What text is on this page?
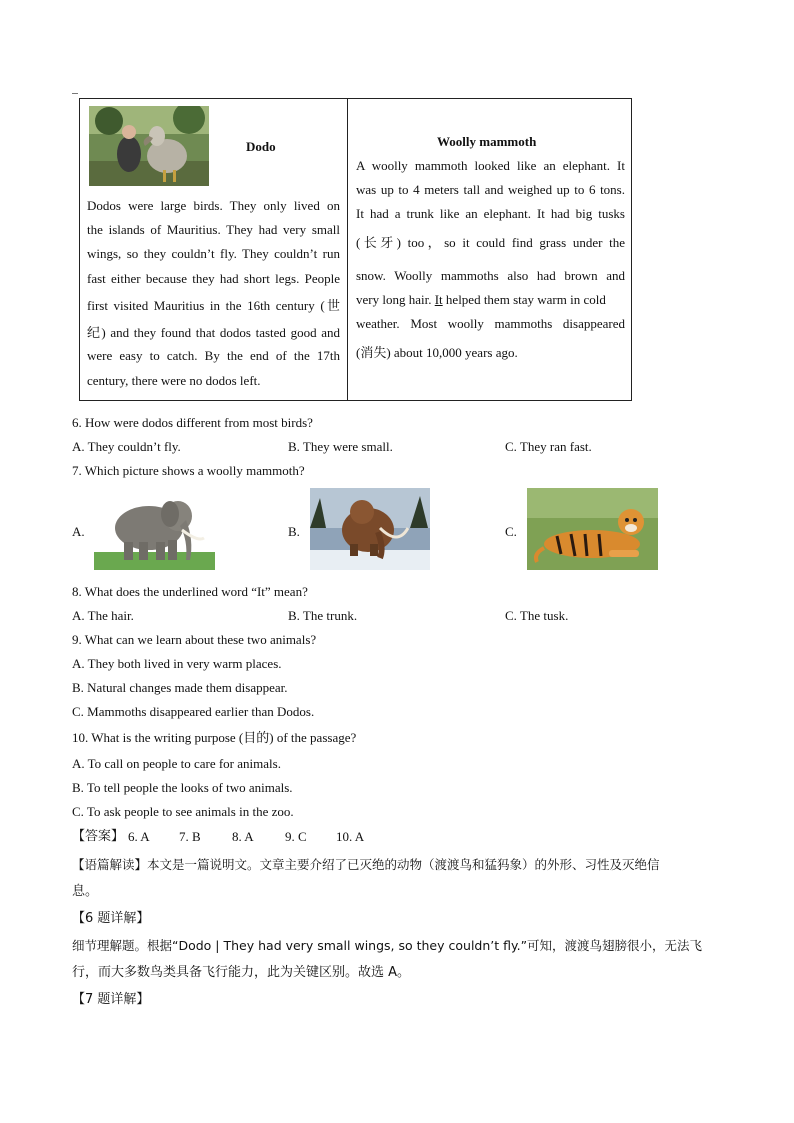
Dodo
Dodos were large birds. They only lived on
the islands of Mauritius. They had very small
wings, so they couldn’t fly. They couldn’t run
fast either because they had short legs. People
first visited Mauritius in the 16th century (世
纪) and they found that dodos tasted good and
were easy to catch. By the end of the 17th
century, there were no dodos left.
Woolly mammoth
A woolly mammoth looked like an elephant. It
was up to 4 meters tall and weighed up to 6 tons.
It had a trunk like an elephant. It had big tusks
(长牙) too，so it could find grass under the
snow. Woolly mammoths also had brown and
very long hair. It helped them stay warm in cold
weather. Most woolly mammoths disappeared
(消失) about 10,000 years ago.
6. How were dodos different from most birds?
A. They couldn’t fly.	B. They were small.	C. They ran fast.
7. Which picture shows a woolly mammoth?
A.	B.	C.
8. What does the underlined word “It” mean?
A. The hair.	B. The trunk.	C. The tusk.
9. What can we learn about these two animals?
A. They both lived in very warm places.
B. Natural changes made them disappear.
C. Mammoths disappeared earlier than Dodos.
10. What is the writing purpose (目的) of the passage?
A. To call on people to care for animals.
B. To tell people the looks of two animals.
C. To ask people to see animals in the zoo.
【答案】 6. A 7. B 8. A 9. C 10. A
【语篇解读】本文是一篇说明文。文章主要介绍了已灭绝的动物（渡渡鸟和猛犸象）的外形、习性及灭绝信
息。
【6 题详解】
细节理解题。根据“Dodo | They had very small wings, so they couldn’t fly.”可知，渡渡鸟翅膀很小，无法飞
行，而大多数鸟类具备飞行能力，此为关键区别。故选 A。
【7 题详解】
